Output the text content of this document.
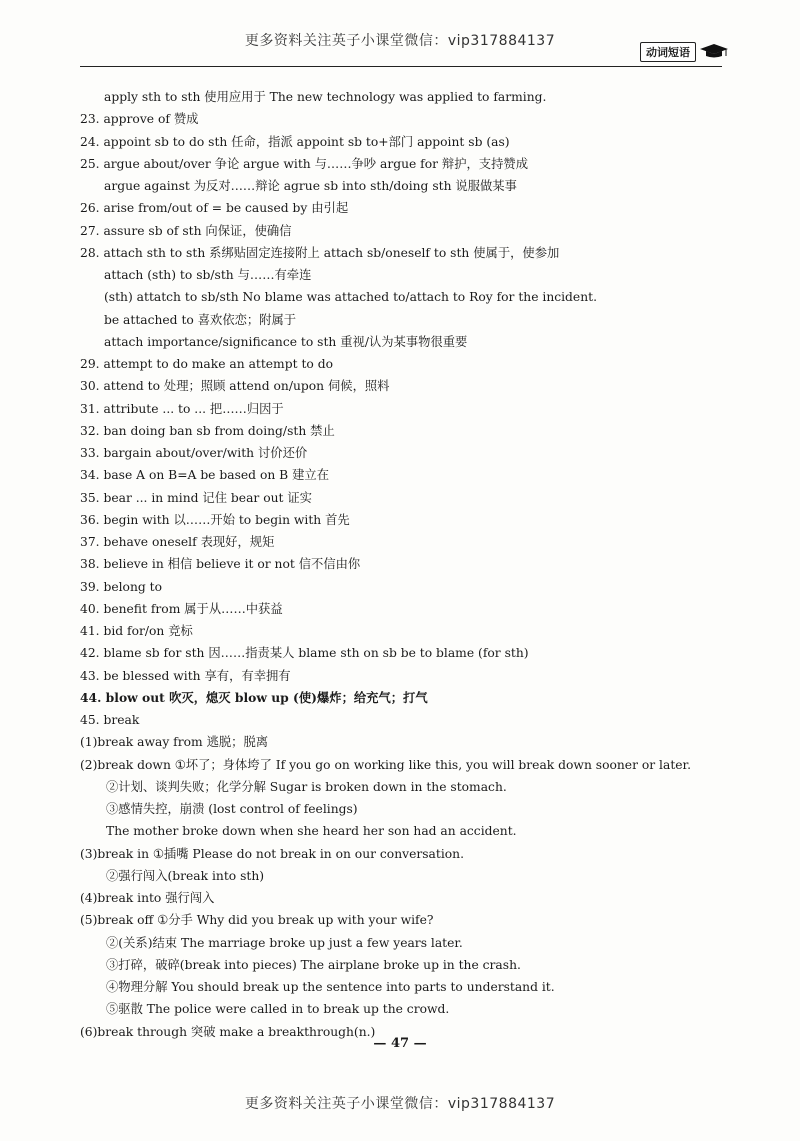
更多资料关注英子小课堂微信：vip317884137
动词短语
apply sth to sth 使用应用于 The new technology was applied to farming.
23. approve of 赞成
24. appoint sb to do sth 任命，指派 appoint sb to+部门 appoint sb (as)
25. argue about/over 争论 argue with 与……争吵 argue for 辩护，支持赞成
argue against 为反对……辩论 agrue sb into sth/doing sth 说服做某事
26. arise from/out of = be caused by 由引起
27. assure sb of sth 向保证，使确信
28. attach sth to sth 系绑贴固定连接附上 attach sb/oneself to sth 使属于，使参加
attach (sth) to sb/sth 与……有牵连
(sth) attatch to sb/sth No blame was attached to/attach to Roy for the incident.
be attached to 喜欢依恋；附属于
attach importance/significance to sth 重视/认为某事物很重要
29. attempt to do make an attempt to do
30. attend to 处理；照顾 attend on/upon 伺候，照料
31. attribute ... to ... 把……归因于
32. ban doing ban sb from doing/sth 禁止
33. bargain about/over/with 讨价还价
34. base A on B=A be based on B 建立在
35. bear ... in mind 记住 bear out 证实
36. begin with 以……开始 to begin with 首先
37. behave oneself 表现好，规矩
38. believe in 相信 believe it or not 信不信由你
39. belong to
40. benefit from 属于从……中获益
41. bid for/on 竞标
42. blame sb for sth 因……指责某人 blame sth on sb be to blame (for sth)
43. be blessed with 享有，有幸拥有
44. blow out 吹灭，熄灭 blow up (使)爆炸；给充气；打气
45. break
(1)break away from 逃脱；脱离
(2)break down ①坏了；身体垮了 If you go on working like this, you will break down sooner or later.
②计划、谈判失败；化学分解 Sugar is broken down in the stomach.
③感情失控，崩溃 (lost control of feelings)
The mother broke down when she heard her son had an accident.
(3)break in ①插嘴 Please do not break in on our conversation.
②强行闯入(break into sth)
(4)break into 强行闯入
(5)break off ①分手 Why did you break up with your wife?
②(关系)结束 The marriage broke up just a few years later.
③打碎，破碎(break into pieces) The airplane broke up in the crash.
④物理分解 You should break up the sentence into parts to understand it.
⑤驱散 The police were called in to break up the crowd.
(6)break through 突破 make a breakthrough(n.)
— 47 —
更多资料关注英子小课堂微信：vip317884137
